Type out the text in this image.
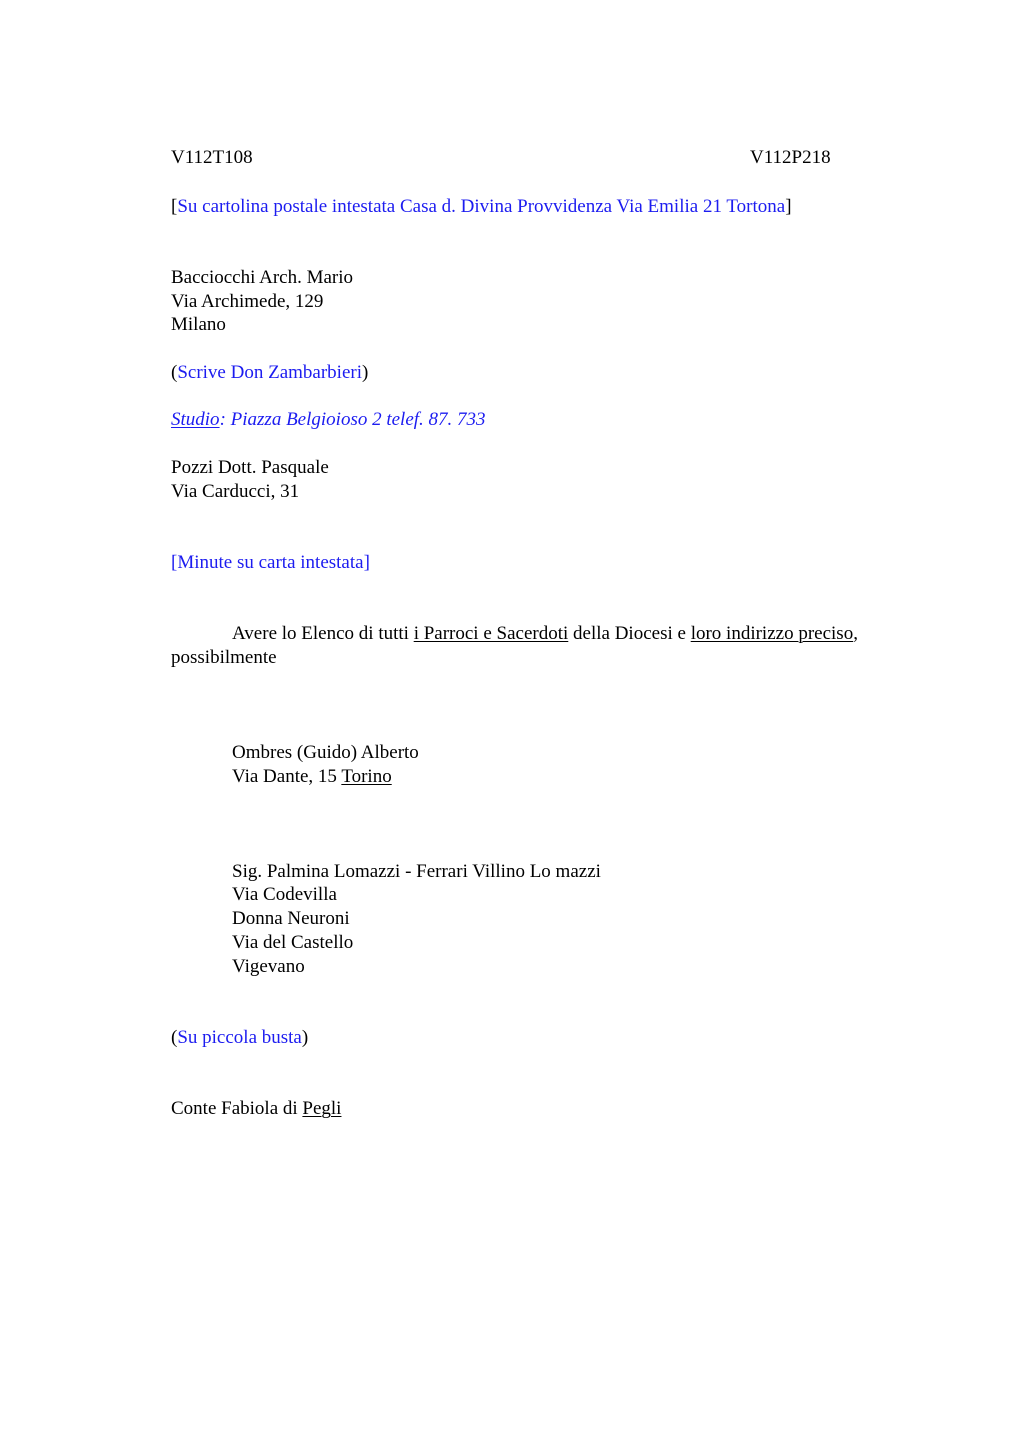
V112T108	V112P218
[Su cartolina postale intestata Casa d. Divina Provvidenza Via Emilia 21 Tortona]
Bacciocchi Arch. Mario
Via Archimede, 129
Milano
(Scrive Don Zambarbieri)
Studio: Piazza Belgioioso 2 telef. 87. 733
Pozzi Dott. Pasquale
Via Carducci, 31
[Minute su carta intestata]
Avere lo Elenco di tutti i Parroci e Sacerdoti della Diocesi e loro indirizzo preciso,
possibilmente
Ombres (Guido) Alberto
Via Dante, 15 Torino
Sig. Palmina Lomazzi - Ferrari Villino Lo mazzi
Via Codevilla
Donna Neuroni
Via del Castello
Vigevano
(Su piccola busta)
Conte Fabiola di Pegli
